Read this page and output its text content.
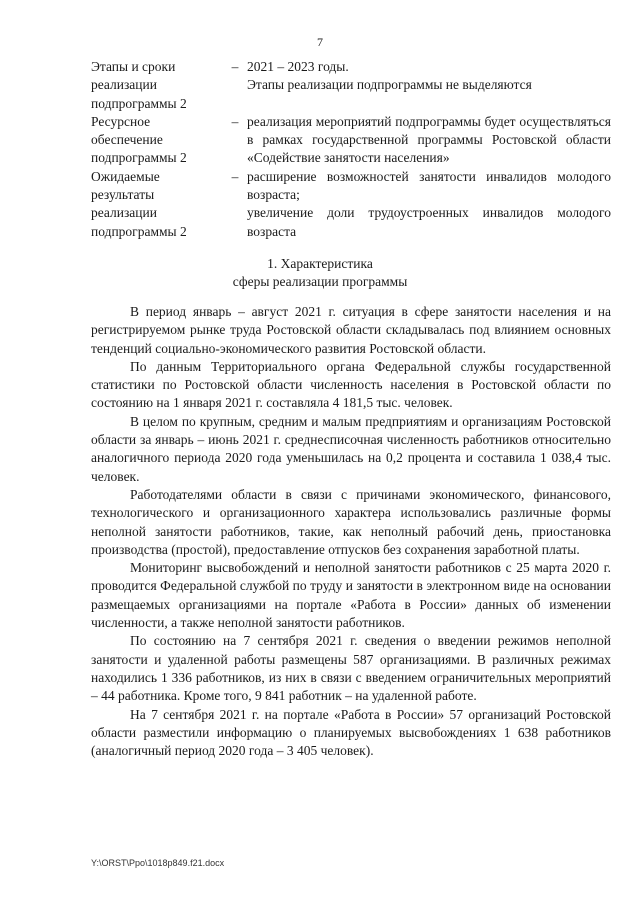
7
Этапы и сроки
реализации
подпрограммы 2
– 2021 – 2023 годы.
Этапы реализации подпрограммы не выделяются
Ресурсное
обеспечение
подпрограммы 2
– реализация мероприятий подпрограммы будет осуществляться в рамках государственной программы Ростовской области «Содействие занятости населения»
Ожидаемые
результаты
реализации
подпрограммы 2
– расширение возможностей занятости инвалидов молодого возраста;
увеличение доли трудоустроенных инвалидов молодого возраста
1. Характеристика
сферы реализации программы

В период январь – август 2021 г. ситуация в сфере занятости населения и на регистрируемом рынке труда Ростовской области складывалась под влиянием основных тенденций социально-экономического развития Ростовской области.

По данным Территориального органа Федеральной службы государственной статистики по Ростовской области численность населения в Ростовской области по состоянию на 1 января 2021 г. составляла 4 181,5 тыс. человек.

В целом по крупным, средним и малым предприятиям и организациям Ростовской области за январь – июнь 2021 г. среднесписочная численность работников относительно аналогичного периода 2020 года уменьшилась на 0,2 процента и составила 1 038,4 тыс. человек.

Работодателями области в связи с причинами экономического, финансового, технологического и организационного характера использовались различные формы неполной занятости работников, такие, как неполный рабочий день, приостановка производства (простой), предоставление отпусков без сохранения заработной платы.

Мониторинг высвобождений и неполной занятости работников с 25 марта 2020 г. проводится Федеральной службой по труду и занятости в электронном виде на основании размещаемых организациями на портале «Работа в России» данных об изменении численности, а также неполной занятости работников.

По состоянию на 7 сентября 2021 г. сведения о введении режимов неполной занятости и удаленной работы размещены 587 организациями. В различных режимах находились 1 336 работников, из них в связи с введением ограничительных мероприятий – 44 работника. Кроме того, 9 841 работник – на удаленной работе.

На 7 сентября 2021 г. на портале «Работа в России» 57 организаций Ростовской области разместили информацию о планируемых высвобождениях 1 638 работников (аналогичный период 2020 года – 3 405 человек).

Y:\ORST\Ppo\1018p849.f21.docx
